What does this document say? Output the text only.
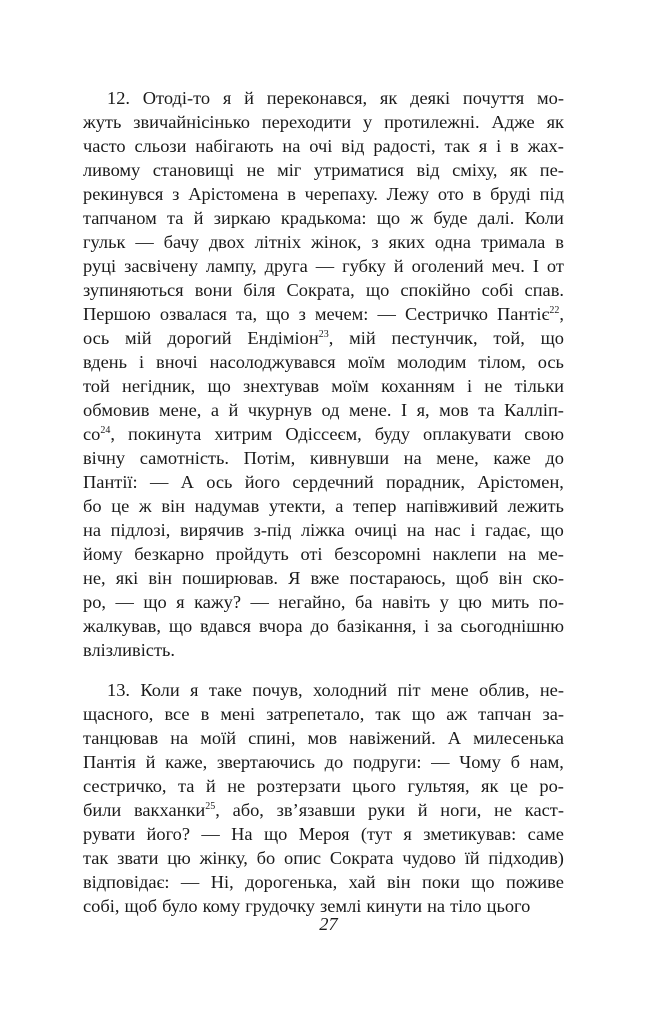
12. Отоді-то я й переконався, як деякі почуття мо-
жуть звичайнісінько переходити у протилежні. Адже як
часто сльози набігають на очі від радості, так я і в жах-
ливому становищі не міг утриматися від сміху, як пе-
рекинувся з Арістомена в черепаху. Лежу ото в бруді під
тапчаном та й зиркаю крадькома: що ж буде далі. Коли
гульк — бачу двох літніх жінок, з яких одна тримала в
руці засвічену лампу, друга — губку й оголений меч. І от
зупиняються вони біля Сократа, що спокійно собі спав.
Першою озвалася та, що з мечем: — Сестричко Пантіє$^{22}$,
ось мій дорогий Ендіміон$^{23}$, мій пестунчик, той, що
вдень і вночі насолоджувався моїм молодим тілом, ось
той негідник, що знехтував моїм коханням і не тільки
обмовив мене, а й чкурнув од мене. І я, мов та Калліп-
$со^{24}$, покинута хитрим Одіссеєм, буду оплакувати свою
вічну самотність. Потім, кивнувши на мене, каже до
Пантії: — А ось його сердечний порадник, Арістомен,
бо це ж він надумав утекти, а тепер напівживий лежить
на підлозі, вирячив з-під ліжка очиці на нас і гадає, що
йому безкарно пройдуть оті безсоромні наклепи на ме-
не, які він поширював. Я вже постараюсь, щоб він ско-
ро, — що я кажу? — негайно, ба навіть у цю мить по-
жалкував, що вдався вчора до базікання, і за сьогоднішню
влізливість.
13. Коли я таке почув, холодний піт мене облив, не-
щасного, все в мені затрепетало, так що аж тапчан за-
танцював на моїй спині, мов навіжений. А милесенька
Пантія й каже, звертаючись до подруги: — Чому б нам,
сестричко, та й не розтерзати цього гультяя, як це ро-
били вакханки$^{25}$, або, зв’язавши руки й ноги, не каст-
рувати його? — На що Мероя (тут я зметикував: саме
так звати цю жінку, бо опис Сократа чудово їй підходив)
відповідає: — Ні, дорогенька, хай він поки що поживе
собі, щоб було кому грудочку землі кинути на тіло цього
27
